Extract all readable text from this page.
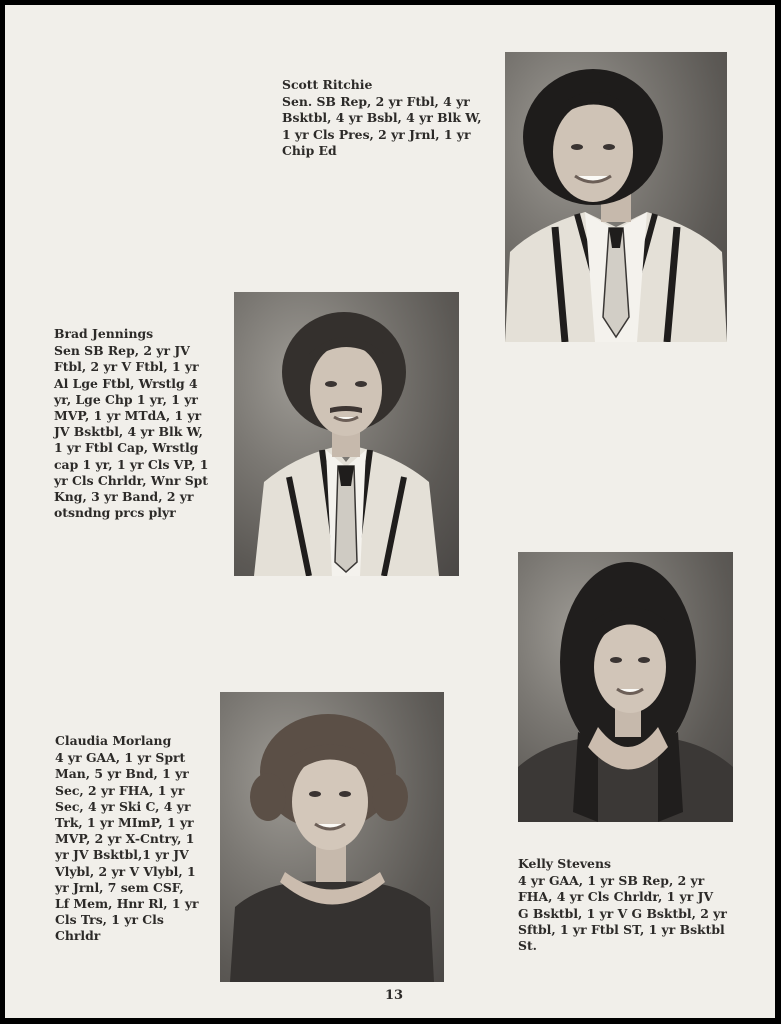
Scott Ritchie
Sen. SB Rep, 2 yr Ftbl, 4 yr
Bsktbl, 4 yr Bsbl, 4 yr Blk W,
1 yr Cls Pres, 2 yr Jrnl, 1 yr
Chip Ed
Brad Jennings
Sen SB Rep, 2 yr JV
Ftbl, 2 yr V Ftbl, 1 yr
Al Lge Ftbl, Wrstlg 4
yr, Lge Chp 1 yr, 1 yr
MVP, 1 yr MTdA, 1 yr
JV Bsktbl, 4 yr Blk W,
1 yr Ftbl Cap, Wrstlg
cap 1 yr, 1 yr Cls VP, 1
yr Cls Chrldr, Wnr Spt
Kng, 3 yr Band, 2 yr
otsndng prcs plyr
Kelly Stevens
4 yr GAA, 1 yr SB Rep, 2 yr
FHA, 4 yr Cls Chrldr, 1 yr JV
G Bsktbl, 1 yr V G Bsktbl, 2 yr
Sftbl, 1 yr Ftbl ST, 1 yr Bsktbl
St.
Claudia Morlang
4 yr GAA, 1 yr Sprt
Man, 5 yr Bnd, 1 yr
Sec, 2 yr FHA, 1 yr
Sec, 4 yr Ski C, 4 yr
Trk, 1 yr MImP, 1 yr
MVP, 2 yr X-Cntry, 1
yr JV Bsktbl,1 yr JV
Vlybl, 2 yr V Vlybl, 1
yr Jrnl, 7 sem CSF,
Lf Mem, Hnr Rl, 1 yr
Cls Trs, 1 yr Cls
Chrldr
13
